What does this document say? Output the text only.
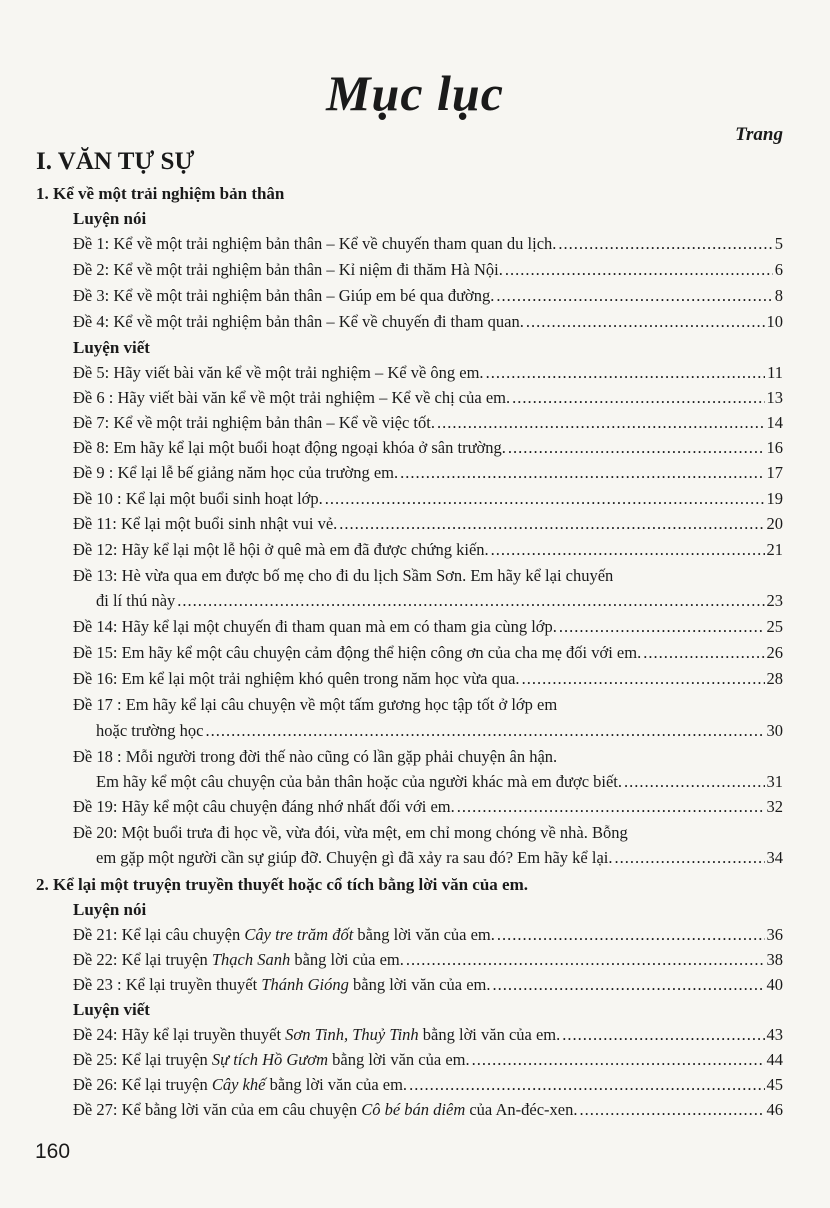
Mục lục
Trang
I. VĂN TỰ SỰ
1. Kể về một trải nghiệm bản thân
Luyện nói
Đề 1: Kể về một trải nghiệm bản thân – Kể về chuyến tham quan du lịch. .....	5
Đề 2: Kể về một trải nghiệm bản thân – Kỉ niệm đi thăm Hà Nội. .....	6
Đề 3: Kể về một trải nghiệm bản thân – Giúp em bé qua đường. .....	8
Đề 4: Kể về một trải nghiệm bản thân – Kể về chuyến đi tham quan. .....	10
Luyện viết
Đề 5: Hãy viết bài văn kể về một trải nghiệm – Kể về ông em. .....	11
Đề 6 : Hãy viết bài văn kể về một trải nghiệm – Kể về chị của em. .....	13
Đề 7: Kể về một trải nghiệm bản thân – Kể về việc tốt. .....	14
Đề 8: Em hãy kể lại một buổi hoạt động ngoại khóa ở sân trường. .....	16
Đề 9 : Kể lại lễ bế giảng năm học của trường em. .....	17
Đề 10 : Kể lại một buổi sinh hoạt lớp. .....	19
Đề 11: Kể lại một buổi sinh nhật vui vẻ. .....	20
Đề 12: Hãy kể lại một lễ hội ở quê mà em đã được chứng kiến. .....	21
Đề 13: Hè vừa qua em được bố mẹ cho đi du lịch Sầm Sơn. Em hãy kể lại chuyến
đi lí thú này .....	23
Đề 14: Hãy kể lại một chuyến đi tham quan mà em có tham gia cùng lớp. .....	25
Đề 15: Em hãy kể một câu chuyện cảm động thể hiện công ơn của cha mẹ đối với em. .....	26
Đề 16: Em kể lại một trải nghiệm khó quên trong năm học vừa qua. .....	28
Đề 17 : Em hãy kể lại câu chuyện về một tấm gương học tập tốt ở lớp em
hoặc trường học .....	30
Đề 18 : Mỗi người trong đời thế nào cũng có lần gặp phải chuyện ân hận.
Em hãy kể một câu chuyện của bản thân hoặc của người khác mà em được biết. .....	31
Đề 19: Hãy kể một câu chuyện đáng nhớ nhất đối với em. .....	32
Đề 20: Một buổi trưa đi học về, vừa đói, vừa mệt, em chỉ mong chóng về nhà. Bỗng
em gặp một người cần sự giúp đỡ. Chuyện gì đã xảy ra sau đó? Em hãy kể lại. .....	34
2. Kể lại một truyện truyền thuyết hoặc cổ tích bằng lời văn của em.
Luyện nói
Đề 21: Kể lại câu chuyện Cây tre trăm đốt bằng lời văn của em. .....	36
Đề 22: Kể lại truyện Thạch Sanh bằng lời của em. .....	38
Đề 23 : Kể lại truyền thuyết Thánh Gióng bằng lời văn của em. .....	40
Luyện viết
Đề 24: Hãy kể lại truyền thuyết Sơn Tinh, Thuỷ Tinh bằng lời văn của em. .....	43
Đề 25: Kể lại truyện Sự tích Hồ Gươm bằng lời văn của em. .....	44
Đề 26: Kể lại truyện Cây khế bằng lời văn của em. .....	45
Đề 27: Kể bằng lời văn của em câu chuyện Cô bé bán diêm của An-đéc-xen. .....	46
160
